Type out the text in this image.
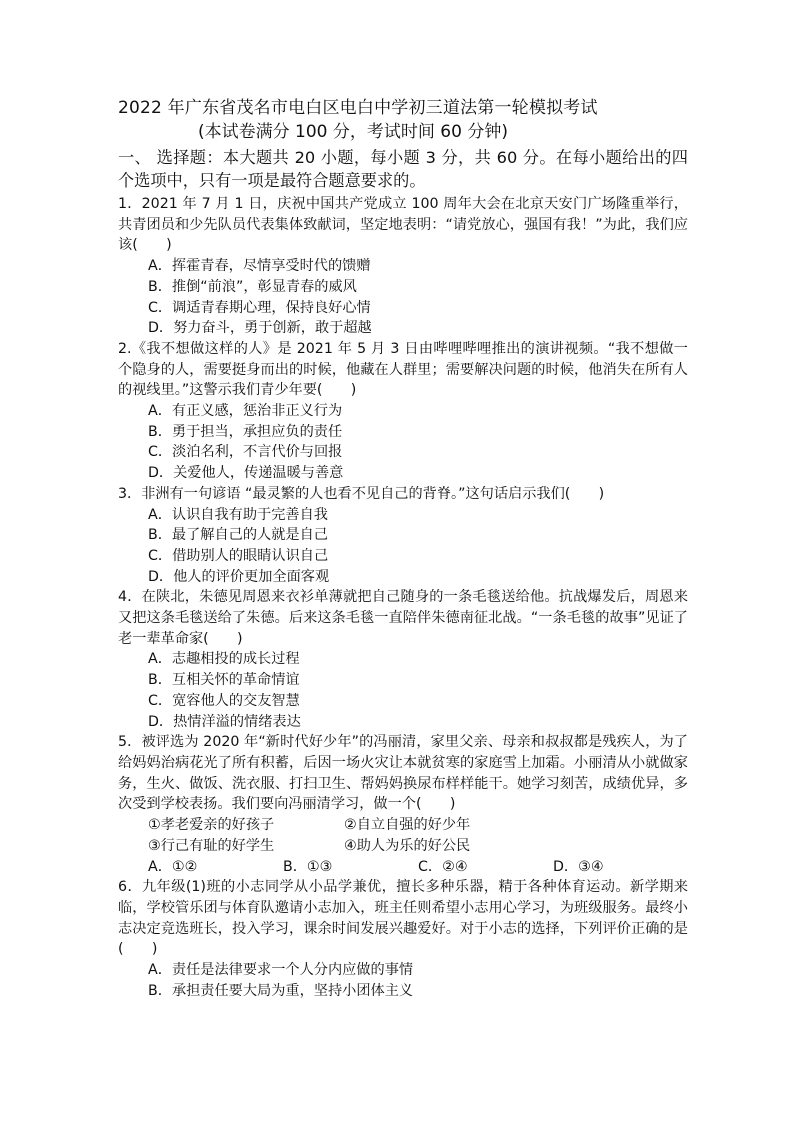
2022 年广东省茂名市电白区电白中学初三道法第一轮模拟考试

(本试卷满分 100 分，考试时间 60 分钟)

一、 选择题：本大题共 20 小题，每小题 3 分，共 60 分。在每小题给出的四个选项中，只有一项是最符合题意要求的。

1．2021 年 7 月 1 日，庆祝中国共产党成立 100 周年大会在北京天安门广场隆重举行，共青团员和少先队员代表集体致献词，坚定地表明：“请党放心，强国有我！”为此，我们应该(　　)

A．挥霍青春，尽情享受时代的馈赠

B．推倒“前浪”，彰显青春的威风

C．调适青春期心理，保持良好心情

D．努力奋斗，勇于创新，敢于超越

2.《我不想做这样的人》是 2021 年 5 月 3 日由哔哩哔哩推出的演讲视频。“我不想做一个隐身的人，需要挺身而出的时候，他藏在人群里；需要解决问题的时候，他消失在所有人的视线里。”这警示我们青少年要(　　)

A．有正义感，惩治非正义行为

B．勇于担当，承担应负的责任

C．淡泊名利，不言代价与回报

D．关爱他人，传递温暖与善意

3．非洲有一句谚语 “最灵繁的人也看不见自己的背脊。”这句话启示我们(　　)

A．认识自我有助于完善自我

B．最了解自己的人就是自己

C．借助别人的眼睛认识自己

D．他人的评价更加全面客观

4．在陕北，朱德见周恩来衣衫单薄就把自己随身的一条毛毯送给他。抗战爆发后，周恩来又把这条毛毯送给了朱德。后来这条毛毯一直陪伴朱德南征北战。“一条毛毯的故事”见证了老一辈革命家(　　)

A．志趣相投的成长过程

B．互相关怀的革命情谊

C．宽容他人的交友智慧

D．热情洋溢的情绪表达

5．被评选为 2020 年“新时代好少年”的冯丽清，家里父亲、母亲和叔叔都是残疾人，为了给妈妈治病花光了所有积蓄，后因一场火灾让本就贫寒的家庭雪上加霜。小丽清从小就做家务，生火、做饭、洗衣服、打扫卫生、帮妈妈换尿布样样能干。她学习刻苦，成绩优异，多次受到学校表扬。我们要向冯丽清学习，做一个(　　)

①孝老爱亲的好孩子	②自立自强的好少年
③行己有耻的好学生	④助人为乐的好公民
A．①②	B．①③	C．②④	D．③④

6．九年级(1)班的小志同学从小品学兼优，擅长多种乐器，精于各种体育运动。新学期来临，学校管乐团与体育队邀请小志加入，班主任则希望小志用心学习，为班级服务。最终小志决定竞选班长，投入学习，课余时间发展兴趣爱好。对于小志的选择，下列评价正确的是(　　)

A．责任是法律要求一个人分内应做的事情

B．承担责任要大局为重，坚持小团体主义
